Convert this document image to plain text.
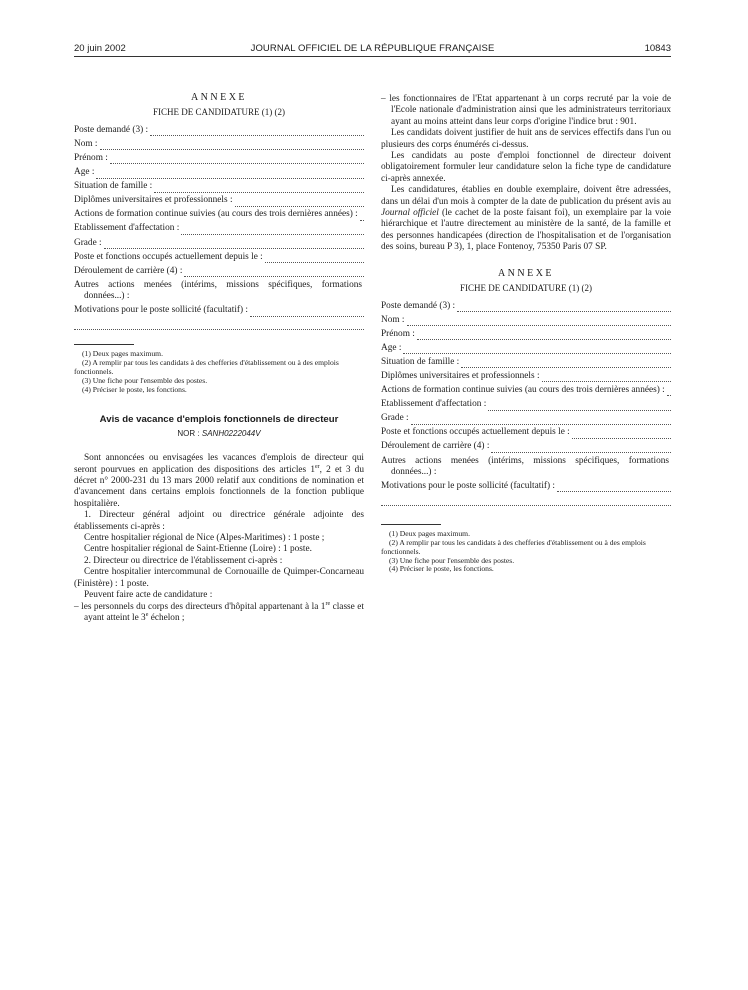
JOURNAL OFFICIEL DE LA RÉPUBLIQUE FRANÇAISE
20 juin 2002	10843
ANNEXE
FICHE DE CANDIDATURE (1) (2)
Poste demandé (3) :
Nom :
Prénom :
Age :
Situation de famille :
Diplômes universitaires et professionnels :
Actions de formation continue suivies (au cours des trois dernières années) :
Etablissement d'affectation :
Grade :
Poste et fonctions occupés actuellement depuis le :
Déroulement de carrière (4) :
Autres actions menées (intérims, missions spécifiques, formations données...) :
Motivations pour le poste sollicité (facultatif) :

(1) Deux pages maximum.

(2) A remplir par tous les candidats à des chefferies d'établissement ou à des emplois fonctionnels.

(3) Une fiche pour l'ensemble des postes.

(4) Préciser le poste, les fonctions.

Avis de vacance d'emplois fonctionnels de directeur
NOR : SANH0222044V

Sont annoncées ou envisagées les vacances d'emplois de directeur qui seront pourvues en application des dispositions des articles 1er, 2 et 3 du décret n° 2000-231 du 13 mars 2000 relatif aux conditions de nomination et d'avancement dans certains emplois fonctionnels de la fonction publique hospitalière.

1. Directeur général adjoint ou directrice générale adjointe des établissements ci-après :

Centre hospitalier régional de Nice (Alpes-Maritimes) : 1 poste ;

Centre hospitalier régional de Saint-Etienne (Loire) : 1 poste.

2. Directeur ou directrice de l'établissement ci-après :

Centre hospitalier intercommunal de Cornouaille de Quimper-Concarneau (Finistère) : 1 poste.

Peuvent faire acte de candidature :

– les personnels du corps des directeurs d'hôpital appartenant à la 1re classe et ayant atteint le 3e échelon ;

– les fonctionnaires de l'Etat appartenant à un corps recruté par la voie de l'Ecole nationale d'administration ainsi que les administrateurs territoriaux ayant au moins atteint dans leur corps d'origine l'indice brut : 901.

Les candidats doivent justifier de huit ans de services effectifs dans l'un ou plusieurs des corps énumérés ci-dessus.

Les candidats au poste d'emploi fonctionnel de directeur doivent obligatoirement formuler leur candidature selon la fiche type de candidature ci-après annexée.

Les candidatures, établies en double exemplaire, doivent être adressées, dans un délai d'un mois à compter de la date de publication du présent avis au Journal officiel (le cachet de la poste faisant foi), un exemplaire par la voie hiérarchique et l'autre directement au ministère de la santé, de la famille et des personnes handicapées (direction de l'hospitalisation et de l'organisation des soins, bureau P 3), 1, place Fontenoy, 75350 Paris 07 SP.

ANNEXE
FICHE DE CANDIDATURE (1) (2)
Poste demandé (3) :
Nom :
Prénom :
Age :
Situation de famille :
Diplômes universitaires et professionnels :
Actions de formation continue suivies (au cours des trois dernières années) :
Etablissement d'affectation :
Grade :
Poste et fonctions occupés actuellement depuis le :
Déroulement de carrière (4) :
Autres actions menées (intérims, missions spécifiques, formations données...) :
Motivations pour le poste sollicité (facultatif) :

(1) Deux pages maximum.

(2) A remplir par tous les candidats à des chefferies d'établissement ou à des emplois fonctionnels.

(3) Une fiche pour l'ensemble des postes.

(4) Préciser le poste, les fonctions.
